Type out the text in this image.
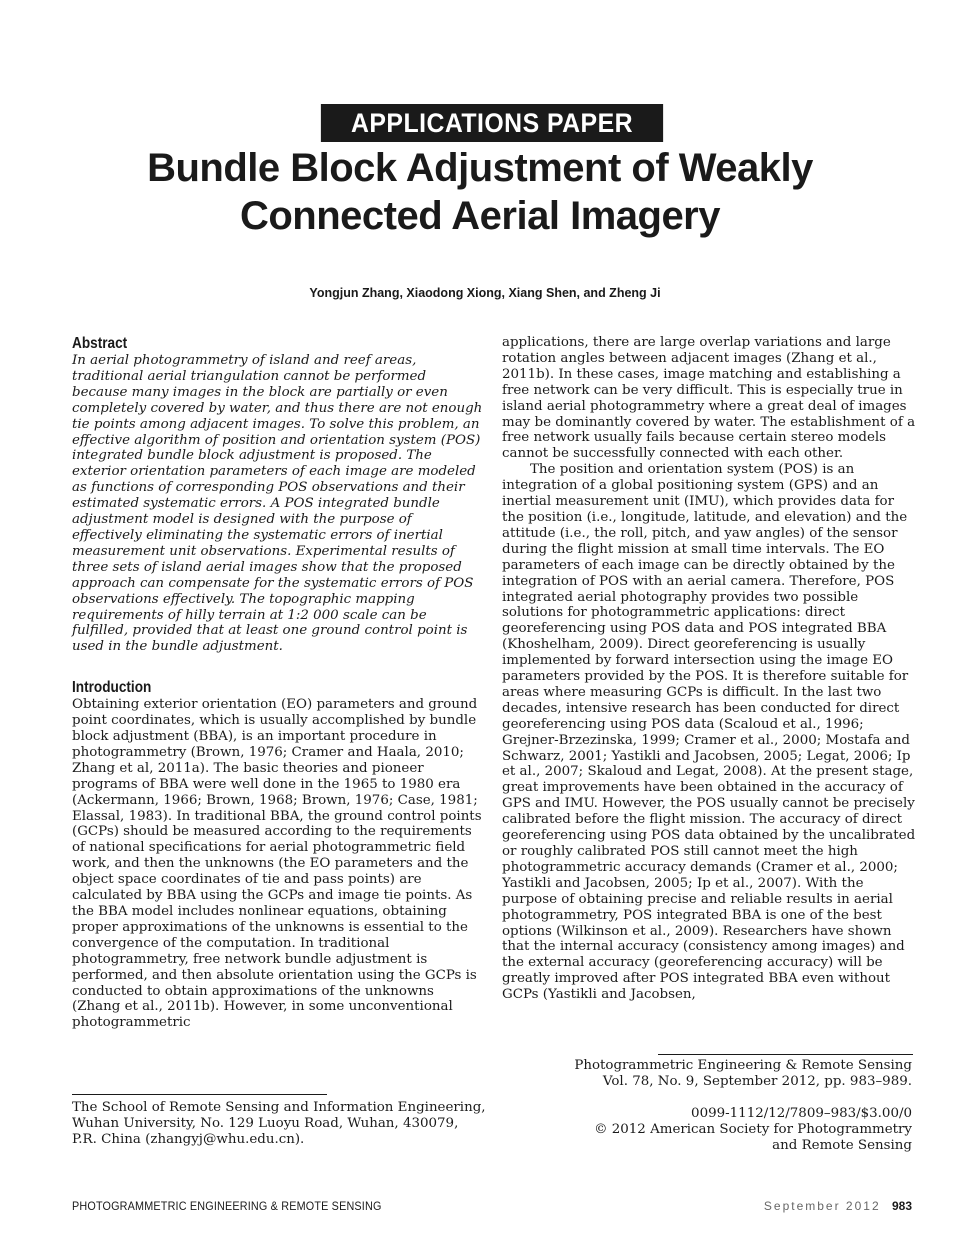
APPLICATIONS PAPER
Bundle Block Adjustment of Weakly
Connected Aerial Imagery
Yongjun Zhang, Xiaodong Xiong, Xiang Shen, and Zheng Ji
Abstract

In aerial photogrammetry of island and reef areas, traditional aerial triangulation cannot be performed because many images in the block are partially or even completely covered by water, and thus there are not enough tie points among adjacent images. To solve this problem, an effective algorithm of position and orientation system (POS) integrated bundle block adjustment is proposed. The exterior orientation parameters of each image are modeled as functions of corresponding POS observations and their estimated systematic errors. A POS integrated bundle adjustment model is designed with the purpose of effectively eliminating the systematic errors of inertial measurement unit observations. Experimental results of three sets of island aerial images show that the proposed approach can compensate for the systematic errors of POS observations effectively. The topographic mapping requirements of hilly terrain at 1:2 000 scale can be fulfilled, provided that at least one ground control point is used in the bundle adjustment.

Introduction

Obtaining exterior orientation (EO) parameters and ground point coordinates, which is usually accomplished by bundle block adjustment (BBA), is an important procedure in photogrammetry (Brown, 1976; Cramer and Haala, 2010; Zhang et al, 2011a). The basic theories and pioneer programs of BBA were well done in the 1965 to 1980 era (Ackermann, 1966; Brown, 1968; Brown, 1976; Case, 1981; Elassal, 1983). In traditional BBA, the ground control points (GCPs) should be measured according to the requirements of national specifications for aerial photogrammetric field work, and then the unknowns (the EO parameters and the object space coordinates of tie and pass points) are calculated by BBA using the GCPs and image tie points. As the BBA model includes nonlinear equations, obtaining proper approximations of the unknowns is essential to the convergence of the computation. In traditional photogrammetry, free network bundle adjustment is performed, and then absolute orientation using the GCPs is conducted to obtain approximations of the unknowns (Zhang et al., 2011b). However, in some unconventional photogrammetric

applications, there are large overlap variations and large rotation angles between adjacent images (Zhang et al., 2011b). In these cases, image matching and establishing a free network can be very difficult. This is especially true in island aerial photogrammetry where a great deal of images may be dominantly covered by water. The establishment of a free network usually fails because certain stereo models cannot be successfully connected with each other.

The position and orientation system (POS) is an integration of a global positioning system (GPS) and an inertial measurement unit (IMU), which provides data for the position (i.e., longitude, latitude, and elevation) and the attitude (i.e., the roll, pitch, and yaw angles) of the sensor during the flight mission at small time intervals. The EO parameters of each image can be directly obtained by the integration of POS with an aerial camera. Therefore, POS integrated aerial photography provides two possible solutions for photogrammetric applications: direct georeferencing using POS data and POS integrated BBA (Khoshelham, 2009). Direct georeferencing is usually implemented by forward intersection using the image EO parameters provided by the POS. It is therefore suitable for areas where measuring GCPs is difficult. In the last two decades, intensive research has been conducted for direct georeferencing using POS data (Scaloud et al., 1996; Grejner-Brzezinska, 1999; Cramer et al., 2000; Mostafa and Schwarz, 2001; Yastikli and Jacobsen, 2005; Legat, 2006; Ip et al., 2007; Skaloud and Legat, 2008). At the present stage, great improvements have been obtained in the accuracy of GPS and IMU. However, the POS usually cannot be precisely calibrated before the flight mission. The accuracy of direct georeferencing using POS data obtained by the uncalibrated or roughly calibrated POS still cannot meet the high photogrammetric accuracy demands (Cramer et al., 2000; Yastikli and Jacobsen, 2005; Ip et al., 2007). With the purpose of obtaining precise and reliable results in aerial photogrammetry, POS integrated BBA is one of the best options (Wilkinson et al., 2009). Researchers have shown that the internal accuracy (consistency among images) and the external accuracy (georeferencing accuracy) will be greatly improved after POS integrated BBA even without GCPs (Yastikli and Jacobsen,

The School of Remote Sensing and Information Engineering,
Wuhan University, No. 129 Luoyu Road, Wuhan, 430079,
P.R. China (zhangyj@whu.edu.cn).
Photogrammetric Engineering & Remote Sensing
Vol. 78, No. 9, September 2012, pp. 983–989.
0099-1112/12/7809–983/$3.00/0
© 2012 American Society for Photogrammetry
and Remote Sensing
PHOTOGRAMMETRIC ENGINEERING & REMOTE SENSING	September 2012 983
